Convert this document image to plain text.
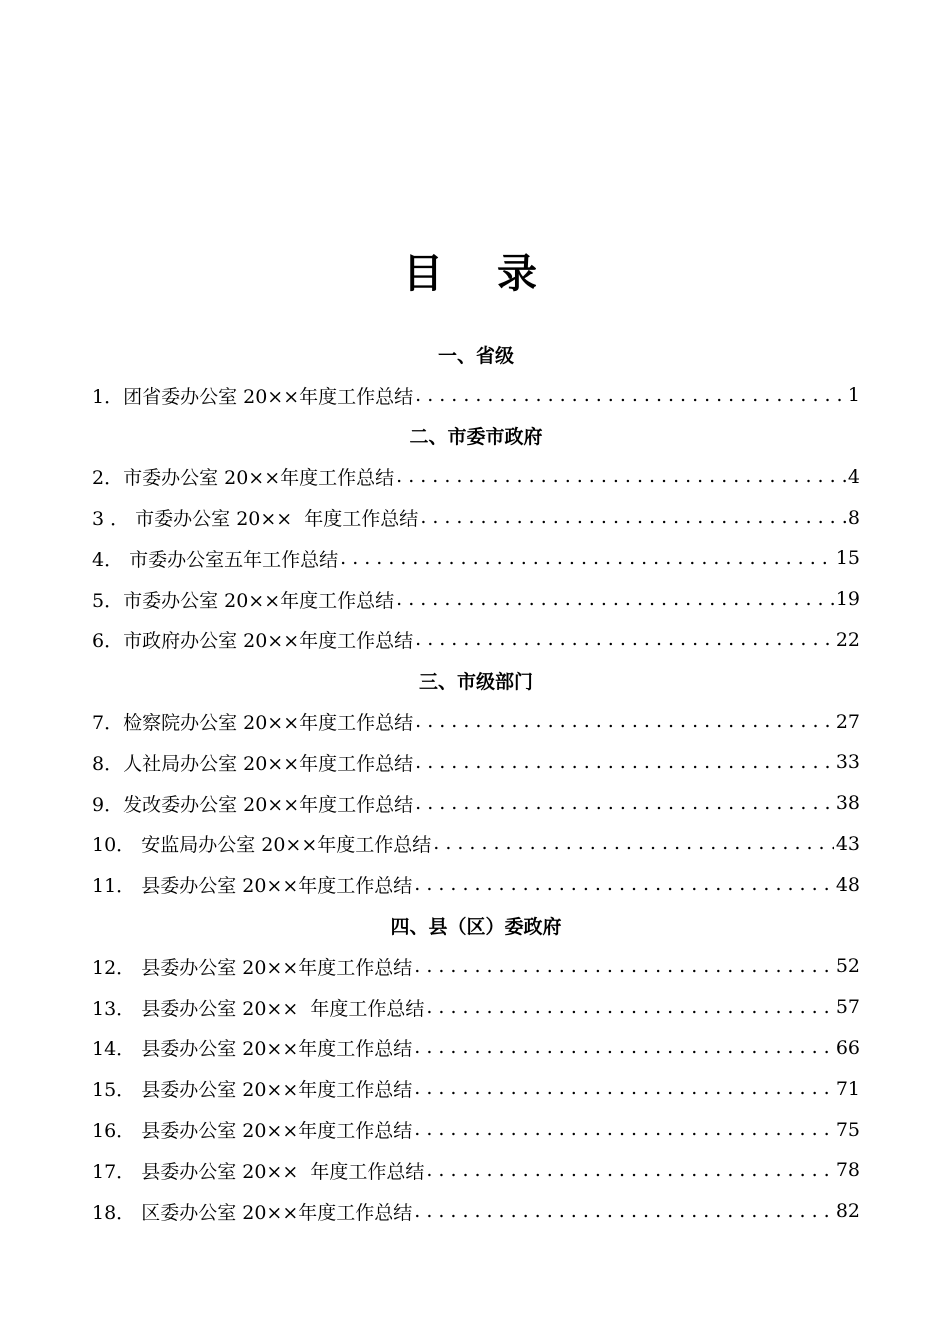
目 录
一、省级
1． 团省委办公室 20××年度工作总结 .....	1
二、市委市政府
2． 市委办公室 20××年度工作总结 .....	4
3 ． 市委办公室 20××  年度工作总结 .....	8
4． 市委办公室五年工作总结 .....	15
5． 市委办公室 20××年度工作总结 .....	19
6． 市政府办公室 20××年度工作总结 .....	22
三、市级部门
7． 检察院办公室 20××年度工作总结 .....	27
8． 人社局办公室 20××年度工作总结 .....	33
9． 发改委办公室 20××年度工作总结 .....	38
10． 安监局办公室 20××年度工作总结 .....	43
11． 县委办公室 20××年度工作总结 .....	48
四、县（区）委政府
12． 县委办公室 20××年度工作总结 .....	52
13． 县委办公室 20××  年度工作总结 .....	57
14． 县委办公室 20××年度工作总结 .....	66
15． 县委办公室 20××年度工作总结 .....	71
16． 县委办公室 20××年度工作总结 .....	75
17． 县委办公室 20××  年度工作总结 .....	78
18． 区委办公室 20××年度工作总结 .....	82
